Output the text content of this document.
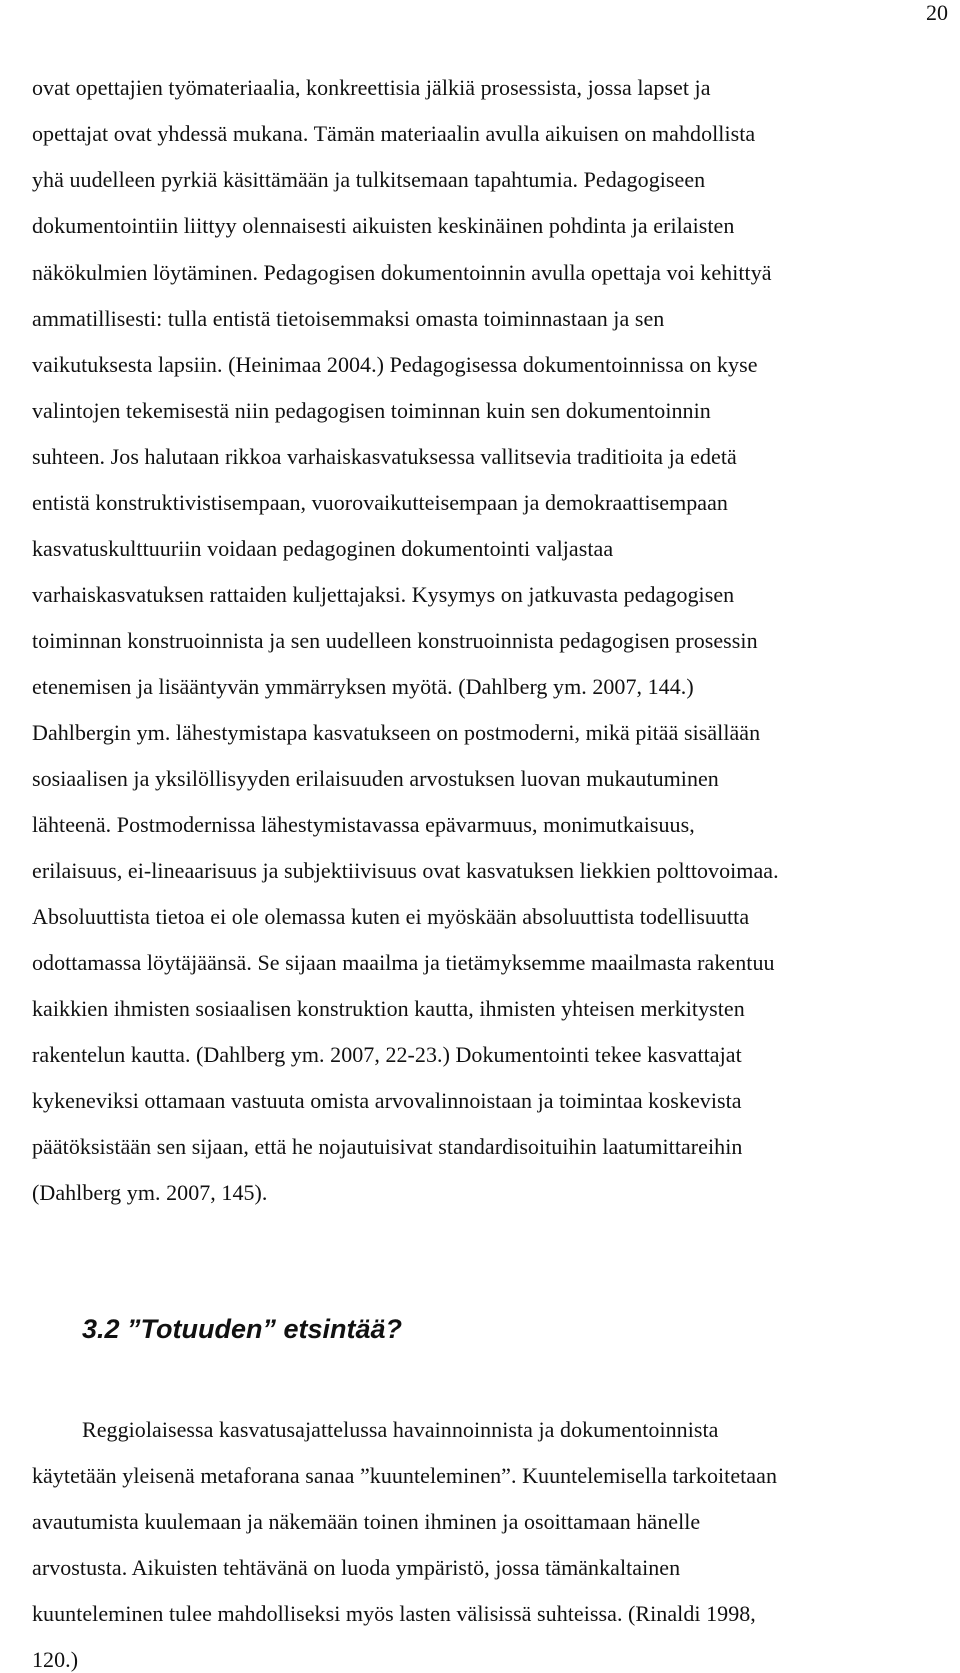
20
ovat opettajien työmateriaalia, konkreettisia jälkiä prosessista, jossa lapset ja
opettajat ovat yhdessä mukana. Tämän materiaalin avulla aikuisen on mahdollista
yhä uudelleen pyrkiä käsittämään ja tulkitsemaan tapahtumia. Pedagogiseen
dokumentointiin liittyy olennaisesti aikuisten keskinäinen pohdinta ja erilaisten
näkökulmien löytäminen. Pedagogisen dokumentoinnin avulla opettaja voi kehittyä
ammatillisesti: tulla entistä tietoisemmaksi omasta toiminnastaan ja sen
vaikutuksesta lapsiin. (Heinimaa 2004.) Pedagogisessa dokumentoinnissa on kyse
valintojen tekemisestä niin pedagogisen toiminnan kuin sen dokumentoinnin
suhteen. Jos halutaan rikkoa varhaiskasvatuksessa vallitsevia traditioita ja edetä
entistä konstruktivistisempaan, vuorovaikutteisempaan ja demokraattisempaan
kasvatuskulttuuriin voidaan pedagoginen dokumentointi valjastaa
varhaiskasvatuksen rattaiden kuljettajaksi. Kysymys on jatkuvasta pedagogisen
toiminnan konstruoinnista ja sen uudelleen konstruoinnista pedagogisen prosessin
etenemisen ja lisääntyvän ymmärryksen myötä. (Dahlberg ym. 2007, 144.)
Dahlbergin ym. lähestymistapa kasvatukseen on postmoderni, mikä pitää sisällään
sosiaalisen ja yksilöllisyyden erilaisuuden arvostuksen luovan mukautuminen
lähteenä. Postmodernissa lähestymistavassa epävarmuus, monimutkaisuus,
erilaisuus, ei-lineaarisuus ja subjektiivisuus ovat kasvatuksen liekkien polttovoimaa.
Absoluuttista tietoa ei ole olemassa kuten ei myöskään absoluuttista todellisuutta
odottamassa löytäjäänsä. Se sijaan maailma ja tietämyksemme maailmasta rakentuu
kaikkien ihmisten sosiaalisen konstruktion kautta, ihmisten yhteisen merkitysten
rakentelun kautta. (Dahlberg ym. 2007, 22-23.) Dokumentointi tekee kasvattajat
kykeneviksi ottamaan vastuuta omista arvovalinnoistaan ja toimintaa koskevista
päätöksistään sen sijaan, että he nojautuisivat standardisoituihin laatumittareihin
(Dahlberg ym. 2007, 145).
3.2 ”Totuuden” etsintää?
Reggiolaisessa kasvatusajattelussa havainnoinnista ja dokumentoinnista
käytetään yleisenä metaforana sanaa ”kuunteleminen”. Kuuntelemisella tarkoitetaan
avautumista kuulemaan ja näkemään toinen ihminen ja osoittamaan hänelle
arvostusta. Aikuisten tehtävänä on luoda ympäristö, jossa tämänkaltainen
kuunteleminen tulee mahdolliseksi myös lasten välisissä suhteissa. (Rinaldi 1998,
120.)
